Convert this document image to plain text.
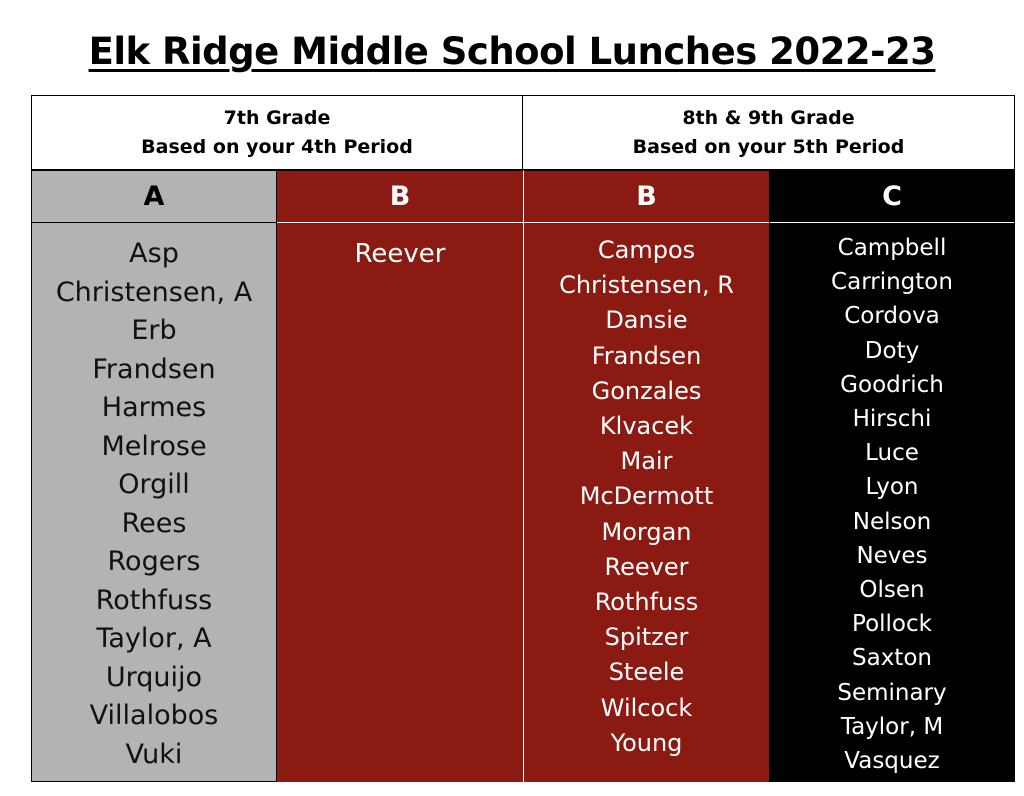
Elk Ridge Middle School Lunches 2022-23
7th Grade
Based on your 4th Period
8th & 9th Grade
Based on your 5th Period
A
Asp
Christensen, A
Erb
Frandsen
Harmes
Melrose
Orgill
Rees
Rogers
Rothfuss
Taylor, A
Urquijo
Villalobos
Vuki
B
Reever
B
Campos
Christensen, R
Dansie
Frandsen
Gonzales
Klvacek
Mair
McDermott
Morgan
Reever
Rothfuss
Spitzer
Steele
Wilcock
Young
C
Campbell
Carrington
Cordova
Doty
Goodrich
Hirschi
Luce
Lyon
Nelson
Neves
Olsen
Pollock
Saxton
Seminary
Taylor, M
Vasquez
